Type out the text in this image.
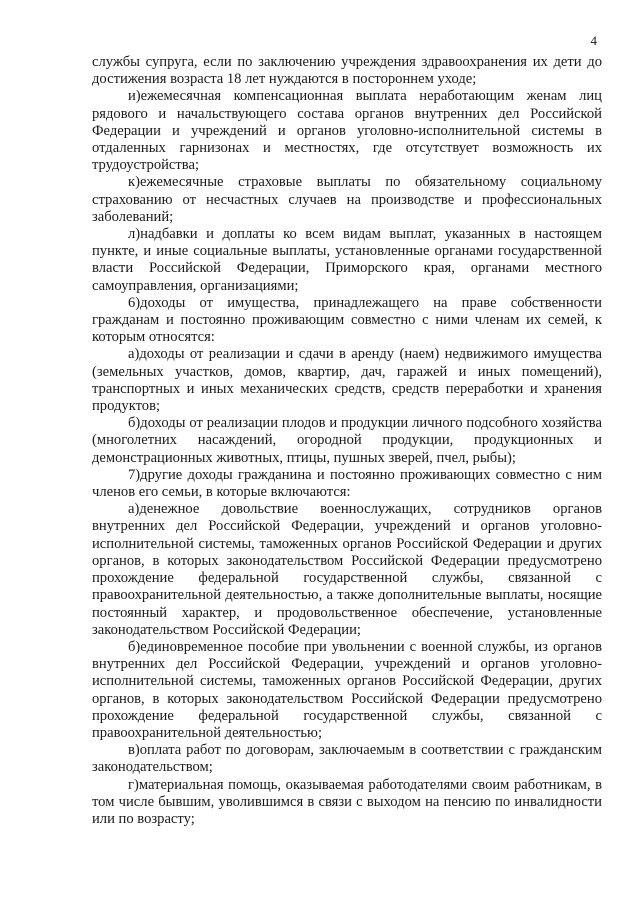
4

службы супруга, если по заключению учреждения здравоохранения их дети до достижения возраста 18 лет нуждаются в постороннем уходе;

и)ежемесячная компенсационная выплата неработающим женам лиц рядового и начальствующего состава органов внутренних дел Российской Федерации и учреждений и органов уголовно-исполнительной системы в отдаленных гарнизонах и местностях, где отсутствует возможность их трудоустройства;

к)ежемесячные страховые выплаты по обязательному социальному страхованию от несчастных случаев на производстве и профессиональных заболеваний;

л)надбавки и доплаты ко всем видам выплат, указанных в настоящем пункте, и иные социальные выплаты, установленные органами государственной власти Российской Федерации, Приморского края, органами местного самоуправления, организациями;

6)доходы от имущества, принадлежащего на праве собственности гражданам и постоянно проживающим совместно с ними членам их семей, к которым относятся:

а)доходы от реализации и сдачи в аренду (наем) недвижимого имущества (земельных участков, домов, квартир, дач, гаражей и иных помещений), транспортных и иных механических средств, средств переработки и хранения продуктов;

б)доходы от реализации плодов и продукции личного подсобного хозяйства (многолетних насаждений, огородной продукции, продукционных и демонстрационных животных, птицы, пушных зверей, пчел, рыбы);

7)другие доходы гражданина и постоянно проживающих совместно с ним членов его семьи, в которые включаются:

а)денежное довольствие военнослужащих, сотрудников органов внутренних дел Российской Федерации, учреждений и органов уголовно-исполнительной системы, таможенных органов Российской Федерации и других органов, в которых законодательством Российской Федерации предусмотрено прохождение федеральной государственной службы, связанной с правоохранительной деятельностью, а также дополнительные выплаты, носящие постоянный характер, и продовольственное обеспечение, установленные законодательством Российской Федерации;

б)единовременное пособие при увольнении с военной службы, из органов внутренних дел Российской Федерации, учреждений и органов уголовно-исполнительной системы, таможенных органов Российской Федерации, других органов, в которых законодательством Российской Федерации предусмотрено прохождение федеральной государственной службы, связанной с правоохранительной деятельностью;

в)оплата работ по договорам, заключаемым в соответствии с гражданским законодательством;

г)материальная помощь, оказываемая работодателями своим работникам, в том числе бывшим, уволившимся в связи с выходом на пенсию по инвалидности или по возрасту;
